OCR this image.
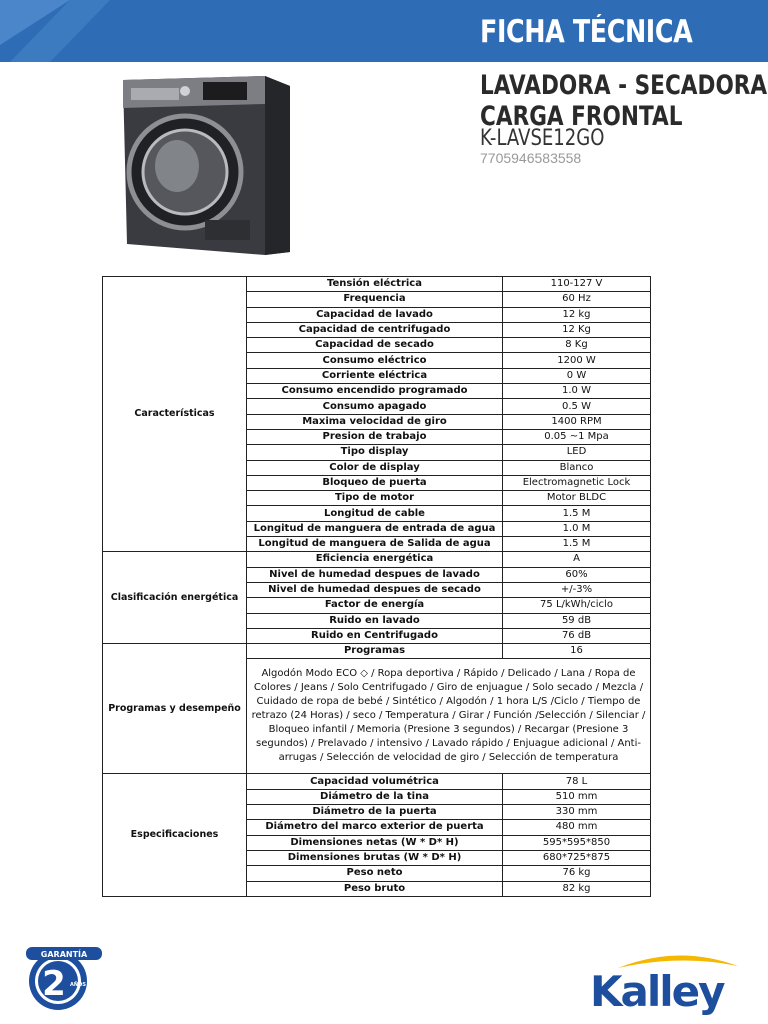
FICHA TÉCNICA
LAVADORA - SECADORA
CARGA FRONTAL
K-LAVSE12GO
7705946583558
Características	Tensión eléctrica	110-127 V
	Frequencia	60 Hz
	Capacidad de lavado	12 kg
	Capacidad de centrifugado	12 Kg
	Capacidad de secado	8 Kg
	Consumo eléctrico	1200 W
	Corriente eléctrica	0 W
	Consumo encendido programado	1.0 W
	Consumo apagado	0.5 W
	Maxima velocidad de giro	1400 RPM
	Presion de trabajo	0.05 ~1 Mpa
	Tipo display	LED
	Color de display	Blanco
	Bloqueo de puerta	Electromagnetic Lock
	Tipo de motor	Motor BLDC
	Longitud de cable	1.5 M
	Longitud de manguera de entrada de agua	1.0 M
	Longitud de manguera de Salida de agua	1.5 M
Clasificación energética	Eficiencia energética	A
	Nivel de humedad despues de lavado	60%
	Nivel de humedad despues de secado	+/-3%
	Factor de energía	75 L/kWh/ciclo
	Ruido en lavado	59 dB
	Ruido en Centrifugado	76 dB
Programas y desempeño	Programas	16
	Algodón Modo ECO ◇ / Ropa deportiva / Rápido / Delicado / Lana / Ropa de Colores / Jeans / Solo Centrifugado / Giro de enjuague / Solo secado / Mezcla / Cuidado de ropa de bebé / Sintético / Algodón / 1 hora L/S /Ciclo / Tiempo de retrazo (24 Horas) / seco / Temperatura / Girar / Función /Selección / Silenciar / Bloqueo infantil / Memoria (Presione 3 segundos) / Recargar (Presione 3 segundos) / Prelavado / intensivo / Lavado rápido / Enjuague adicional / Anti-arrugas / Selección de velocidad de giro / Selección de temperatura	
Especificaciones	Capacidad volumétrica	78 L
	Diámetro de la tina	510 mm
	Diámetro de la puerta	330 mm
	Diámetro del marco exterior de puerta	480 mm
	Dimensiones netas (W * D* H)	595*595*850
	Dimensiones brutas (W * D* H)	680*725*875
	Peso neto	76 kg
	Peso bruto	82 kg
GARANTÍA
2 AÑOS	Kalley
